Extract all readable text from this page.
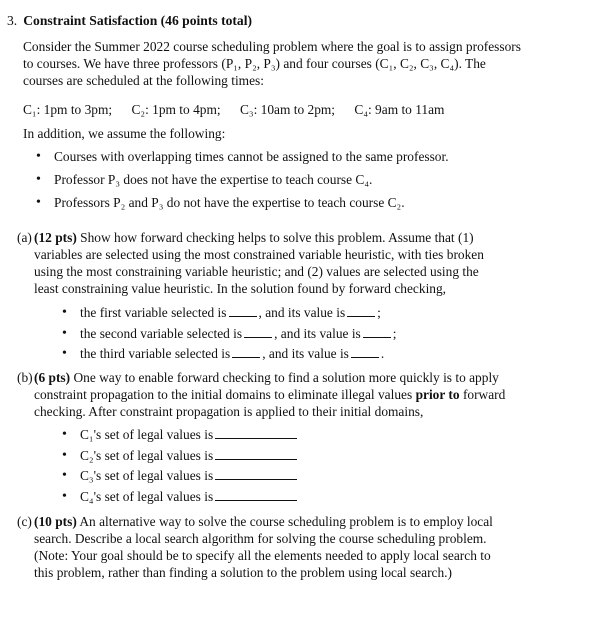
3. Constraint Satisfaction (46 points total)
Consider the Summer 2022 course scheduling problem where the goal is to assign professors
to courses. We have three professors (P₁, P₂, P₃) and four courses (C₁, C₂, C₃, C₄). The
courses are scheduled at the following times:
C₁: 1pm to 3pm; C₂: 1pm to 4pm; C₃: 10am to 2pm; C₄: 9am to 11am
In addition, we assume the following:
• Courses with overlapping times cannot be assigned to the same professor.
• Professor P₃ does not have the expertise to teach course C₄.
• Professors P₂ and P₃ do not have the expertise to teach course C₂.
(a) (12 pts) Show how forward checking helps to solve this problem. Assume that (1)
variables are selected using the most constrained variable heuristic, with ties broken
using the most constraining variable heuristic; and (2) values are selected using the
least constraining value heuristic. In the solution found by forward checking,
• the first variable selected is , and its value is ;
• the second variable selected is , and its value is ;
• the third variable selected is , and its value is .
(b) (6 pts) One way to enable forward checking to find a solution more quickly is to apply
constraint propagation to the initial domains to eliminate illegal values prior to forward
checking. After constraint propagation is applied to their initial domains,
• C₁'s set of legal values is
• C₂'s set of legal values is
• C₃'s set of legal values is
• C₄'s set of legal values is
(c) (10 pts) An alternative way to solve the course scheduling problem is to employ local
search. Describe a local search algorithm for solving the course scheduling problem.
(Note: Your goal should be to specify all the elements needed to apply local search to
this problem, rather than finding a solution to the problem using local search.)
